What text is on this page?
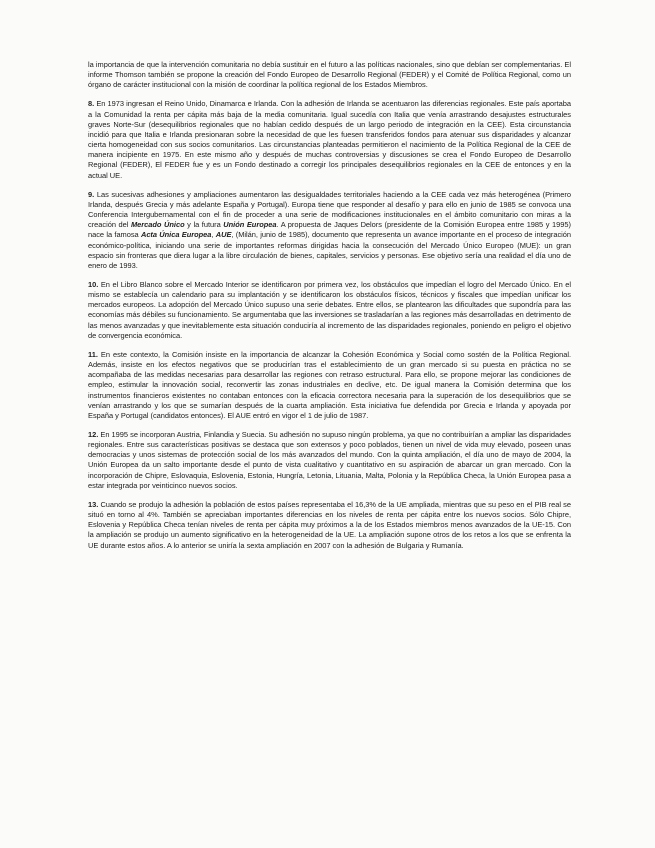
la importancia de que la intervención comunitaria no debía sustituir en el futuro a las políticas nacionales, sino que debían ser complementarias. El informe Thomson también se propone la creación del Fondo Europeo de Desarrollo Regional (FEDER) y el Comité de Política Regional, como un órgano de carácter institucional con la misión de coordinar la política regional de los Estados Miembros.

8. En 1973 ingresan el Reino Unido, Dinamarca e Irlanda. Con la adhesión de Irlanda se acentuaron las diferencias regionales. Este país aportaba a la Comunidad la renta per cápita más baja de la media comunitaria. Igual sucedía con Italia que venía arrastrando desajustes estructurales graves Norte-Sur (desequilibrios regionales que no habían cedido después de un largo periodo de integración en la CEE). Esta circunstancia incidió para que Italia e Irlanda presionaran sobre la necesidad de que les fuesen transferidos fondos para atenuar sus disparidades y alcanzar cierta homogeneidad con sus socios comunitarios. Las circunstancias planteadas permitieron el nacimiento de la Política Regional de la CEE de manera incipiente en 1975. En este mismo año y después de muchas controversias y discusiones se crea el Fondo Europeo de Desarrollo Regional (FEDER), El FEDER fue y es un Fondo destinado a corregir los principales desequilibrios regionales en la CEE de entonces y en la actual UE.

9. Las sucesivas adhesiones y ampliaciones aumentaron las desigualdades territoriales haciendo a la CEE cada vez más heterogénea (Primero Irlanda, después Grecia y más adelante España y Portugal). Europa tiene que responder al desafío y para ello en junio de 1985 se convoca una Conferencia Intergubernamental con el fin de proceder a una serie de modificaciones institucionales en el ámbito comunitario con miras a la creación del Mercado Único y la futura Unión Europea. A propuesta de Jaques Delors (presidente de la Comisión Europea entre 1985 y 1995) nace la famosa Acta Única Europea, AUE, (Milán, junio de 1985), documento que representa un avance importante en el proceso de integración económico-política, iniciando una serie de importantes reformas dirigidas hacia la consecución del Mercado Único Europeo (MUE): un gran espacio sin fronteras que diera lugar a la libre circulación de bienes, capitales, servicios y personas. Ese objetivo sería una realidad el día uno de enero de 1993.

10. En el Libro Blanco sobre el Mercado Interior se identificaron por primera vez, los obstáculos que impedían el logro del Mercado Único. En el mismo se establecía un calendario para su implantación y se identificaron los obstáculos físicos, técnicos y fiscales que impedían unificar los mercados europeos. La adopción del Mercado Único supuso una serie debates. Entre ellos, se plantearon las dificultades que supondría para las economías más débiles su funcionamiento. Se argumentaba que las inversiones se trasladarían a las regiones más desarrolladas en detrimento de las menos avanzadas y que inevitablemente esta situación conduciría al incremento de las disparidades regionales, poniendo en peligro el objetivo de convergencia económica.

11. En este contexto, la Comisión insiste en la importancia de alcanzar la Cohesión Económica y Social como sostén de la Política Regional. Además, insiste en los efectos negativos que se producirían tras el establecimiento de un gran mercado si su puesta en práctica no se acompañaba de las medidas necesarias para desarrollar las regiones con retraso estructural. Para ello, se propone mejorar las condiciones de empleo, estimular la innovación social, reconvertir las zonas industriales en declive, etc. De igual manera la Comisión determina que los instrumentos financieros existentes no contaban entonces con la eficacia correctora necesaria para la superación de los desequilibrios que se venían arrastrando y los que se sumarían después de la cuarta ampliación. Esta iniciativa fue defendida por Grecia e Irlanda y apoyada por España y Portugal (candidatos entonces). El AUE entró en vigor el 1 de julio de 1987.

12. En 1995 se incorporan Austria, Finlandia y Suecia. Su adhesión no supuso ningún problema, ya que no contribuirían a ampliar las disparidades regionales. Entre sus características positivas se destaca que son extensos y poco poblados, tienen un nivel de vida muy elevado, poseen unas democracias y unos sistemas de protección social de los más avanzados del mundo. Con la quinta ampliación, el día uno de mayo de 2004, la Unión Europea da un salto importante desde el punto de vista cualitativo y cuantitativo en su aspiración de abarcar un gran mercado. Con la incorporación de Chipre, Eslovaquia, Eslovenia, Estonia, Hungría, Letonia, Lituania, Malta, Polonia y la República Checa, la Unión Europea pasa a estar integrada por veinticinco nuevos socios.

13. Cuando se produjo la adhesión la población de estos países representaba el 16,3% de la UE ampliada, mientras que su peso en el PIB real se situó en torno al 4%. También se apreciaban importantes diferencias en los niveles de renta per cápita entre los nuevos socios. Sólo Chipre, Eslovenia y República Checa tenían niveles de renta per cápita muy próximos a la de los Estados miembros menos avanzados de la UE-15. Con la ampliación se produjo un aumento significativo en la heterogeneidad de la UE. La ampliación supone otros de los retos a los que se enfrenta la UE durante estos años. A lo anterior se uniría la sexta ampliación en 2007 con la adhesión de Bulgaria y Rumanía.
